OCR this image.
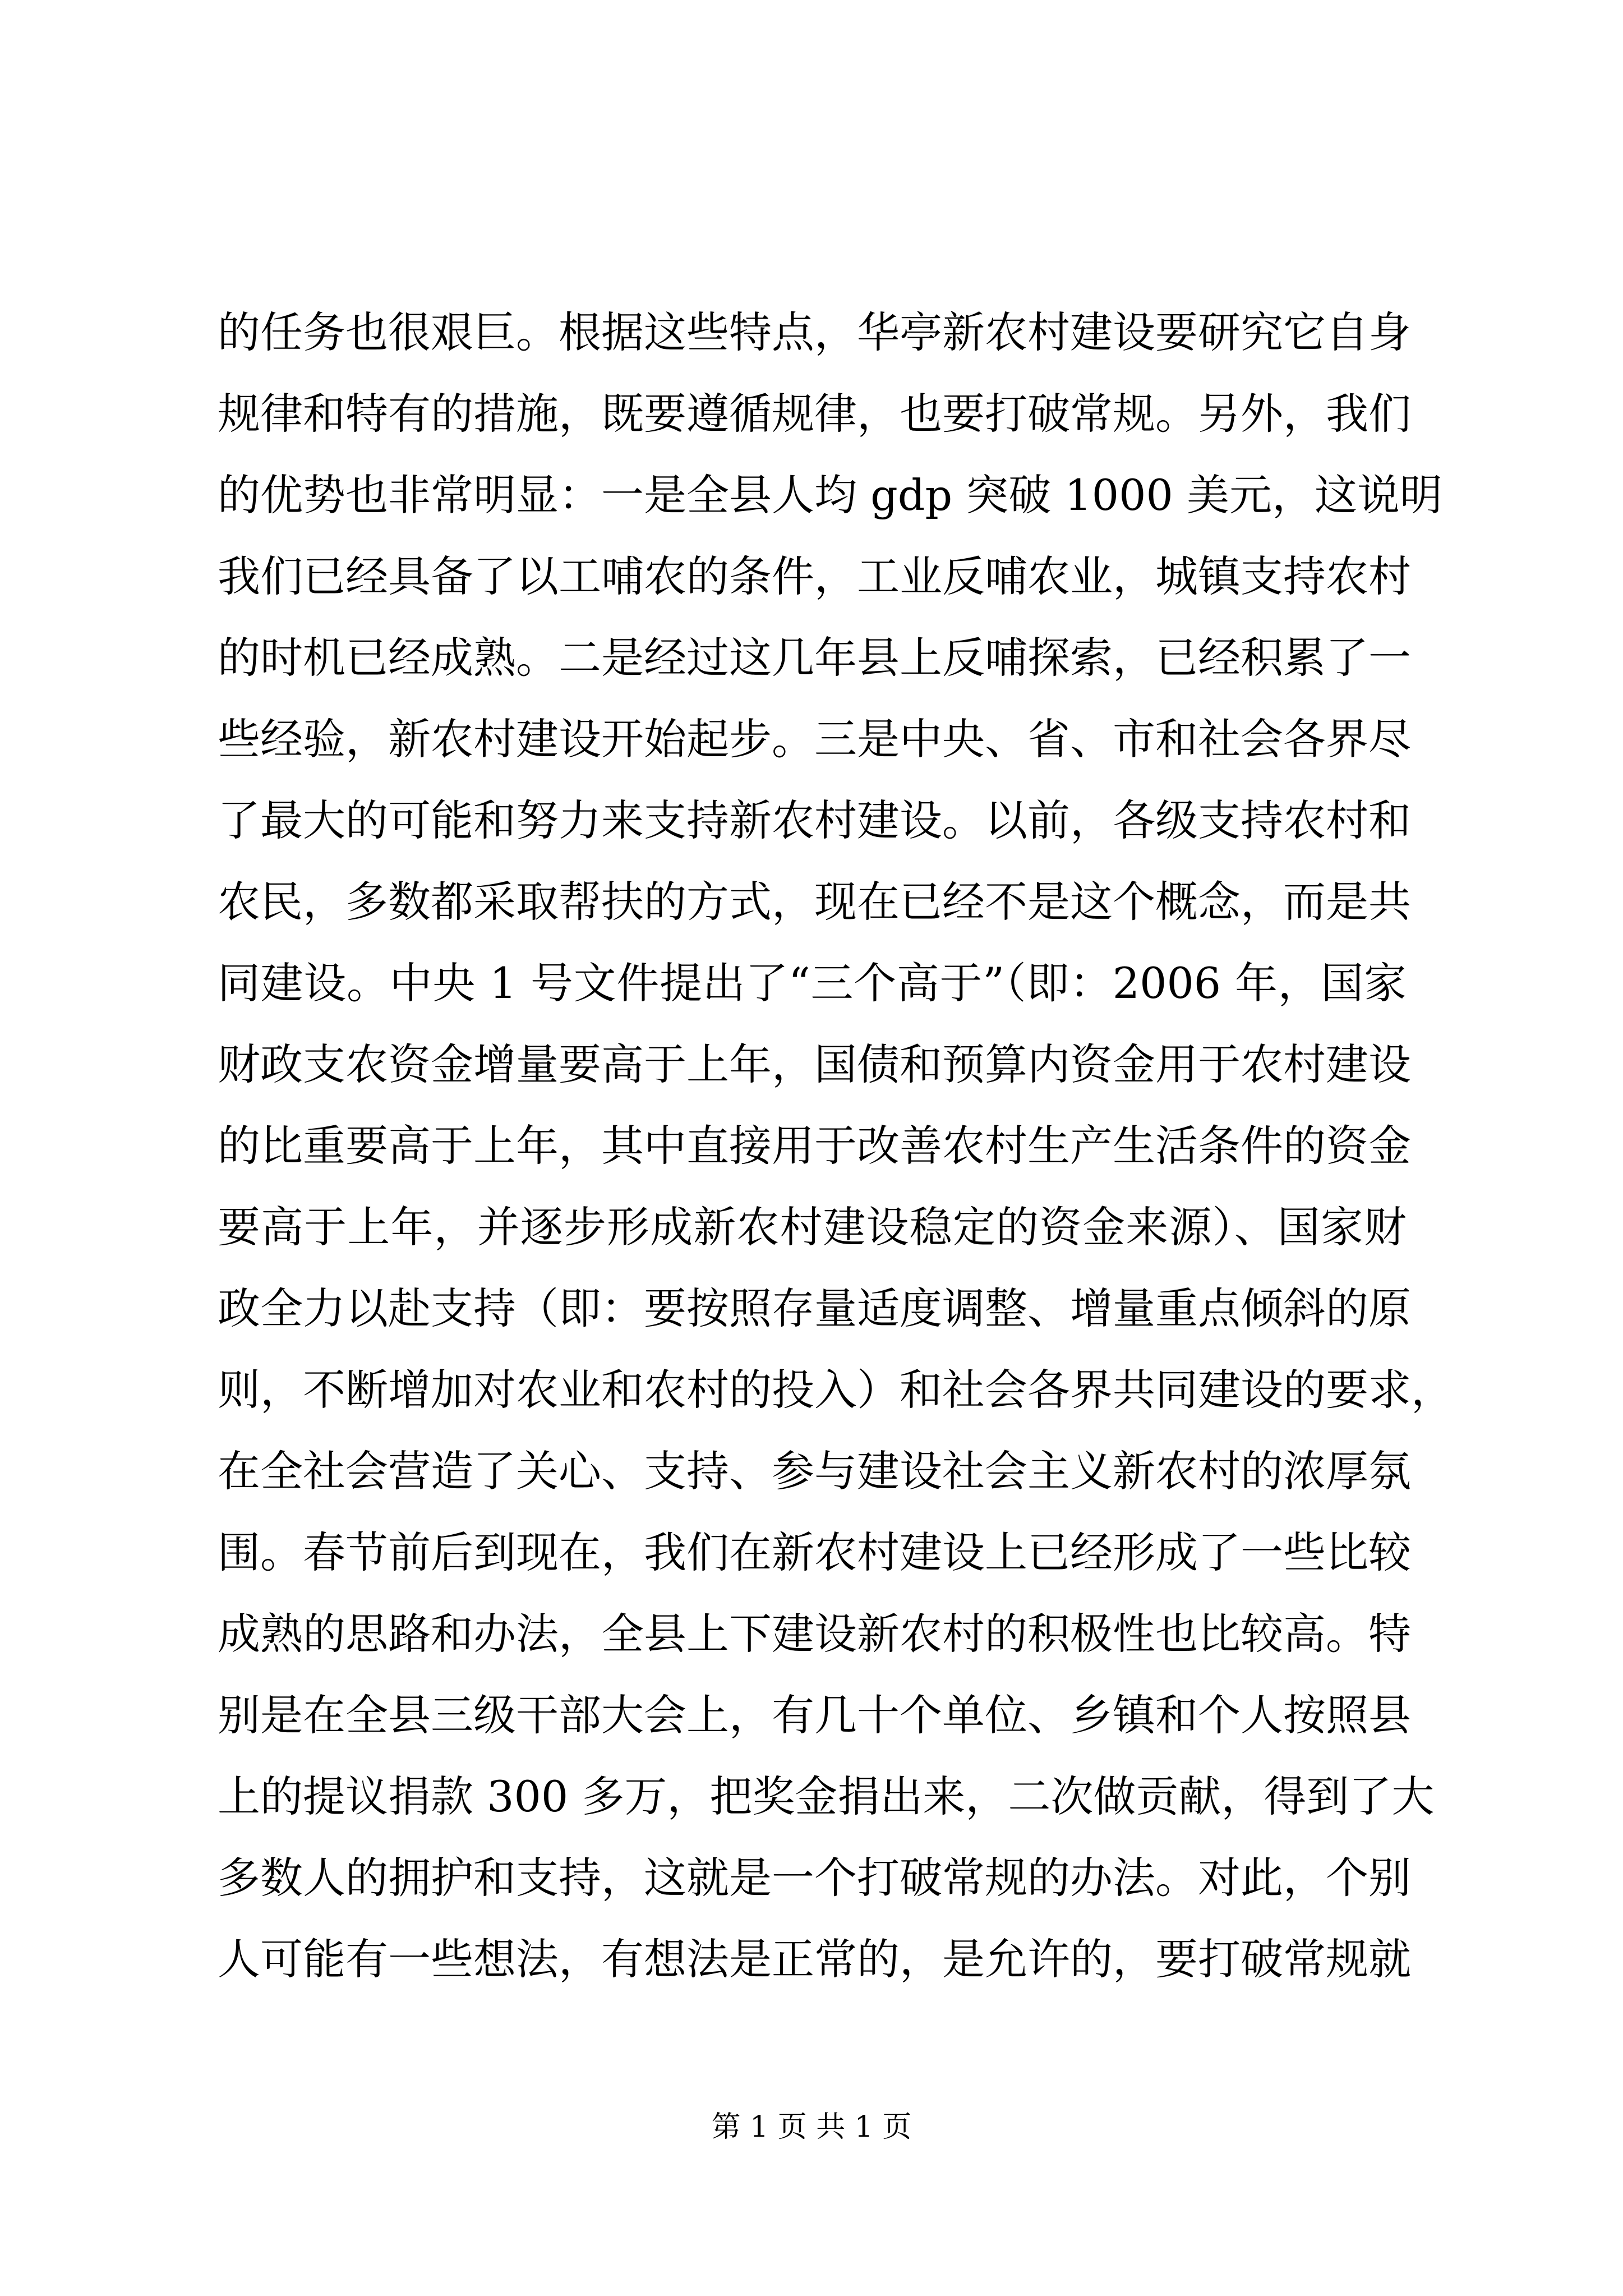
的任务也很艰巨。根据这些特点，华亭新农村建设要研究它自身
规律和特有的措施，既要遵循规律，也要打破常规。另外，我们
的优势也非常明显：一是全县人均 gdp 突破 1000 美元，这说明
我们已经具备了以工哺农的条件，工业反哺农业，城镇支持农村
的时机已经成熟。二是经过这几年县上反哺探索，已经积累了一
些经验，新农村建设开始起步。三是中央、省、市和社会各界尽
了最大的可能和努力来支持新农村建设。以前，各级支持农村和
农民，多数都采取帮扶的方式，现在已经不是这个概念，而是共
同建设。中央 1 号文件提出了“三个高于”（即：2006 年，国家
财政支农资金增量要高于上年，国债和预算内资金用于农村建设
的比重要高于上年，其中直接用于改善农村生产生活条件的资金
要高于上年，并逐步形成新农村建设稳定的资金来源）、国家财
政全力以赴支持（即：要按照存量适度调整、增量重点倾斜的原
则，不断增加对农业和农村的投入）和社会各界共同建设的要求，
在全社会营造了关心、支持、参与建设社会主义新农村的浓厚氛
围。春节前后到现在，我们在新农村建设上已经形成了一些比较
成熟的思路和办法，全县上下建设新农村的积极性也比较高。特
别是在全县三级干部大会上，有几十个单位、乡镇和个人按照县
上的提议捐款 300 多万，把奖金捐出来，二次做贡献，得到了大
多数人的拥护和支持，这就是一个打破常规的办法。对此，个别
人可能有一些想法，有想法是正常的，是允许的，要打破常规就
第 1 页 共 1 页
